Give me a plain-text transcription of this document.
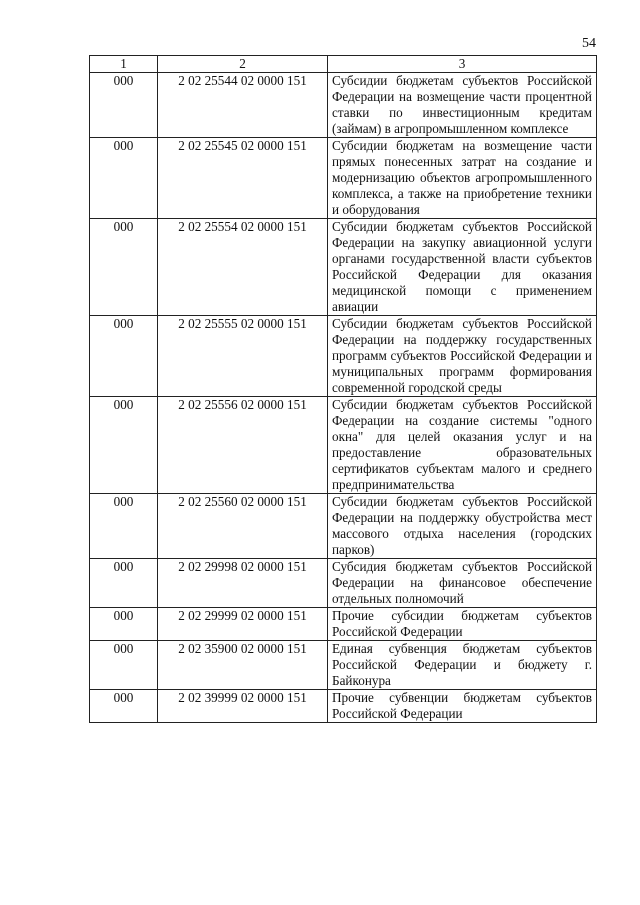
54
1	2	3
000	2 02 25544 02 0000 151	Субсидии бюджетам субъектов Российской Федерации на возмещение части процентной ставки по инвестиционным кредитам (займам) в агропромышленном комплексе
000	2 02 25545 02 0000 151	Субсидии бюджетам на возмещение части прямых понесенных затрат на создание и модернизацию объектов агропромышленного комплекса, а также на приобретение техники и оборудования
000	2 02 25554 02 0000 151	Субсидии бюджетам субъектов Российской Федерации на закупку авиационной услуги органами государственной власти субъектов Российской Федерации для оказания медицинской помощи с применением авиации
000	2 02 25555 02 0000 151	Субсидии бюджетам субъектов Российской Федерации на поддержку государственных программ субъектов Российской Федерации и муниципальных программ формирования современной городской среды
000	2 02 25556 02 0000 151	Субсидии бюджетам субъектов Российской Федерации на создание системы "одного окна" для целей оказания услуг и на предоставление образовательных сертификатов субъектам малого и среднего предпринимательства
000	2 02 25560 02 0000 151	Субсидии бюджетам субъектов Российской Федерации на поддержку обустройства мест массового отдыха населения (городских парков)
000	2 02 29998 02 0000 151	Субсидия бюджетам субъектов Российской Федерации на финансовое обеспечение отдельных полномочий
000	2 02 29999 02 0000 151	Прочие субсидии бюджетам субъектов Российской Федерации
000	2 02 35900 02 0000 151	Единая субвенция бюджетам субъектов Российской Федерации и бюджету г. Байконура
000	2 02 39999 02 0000 151	Прочие субвенции бюджетам субъектов Российской Федерации
